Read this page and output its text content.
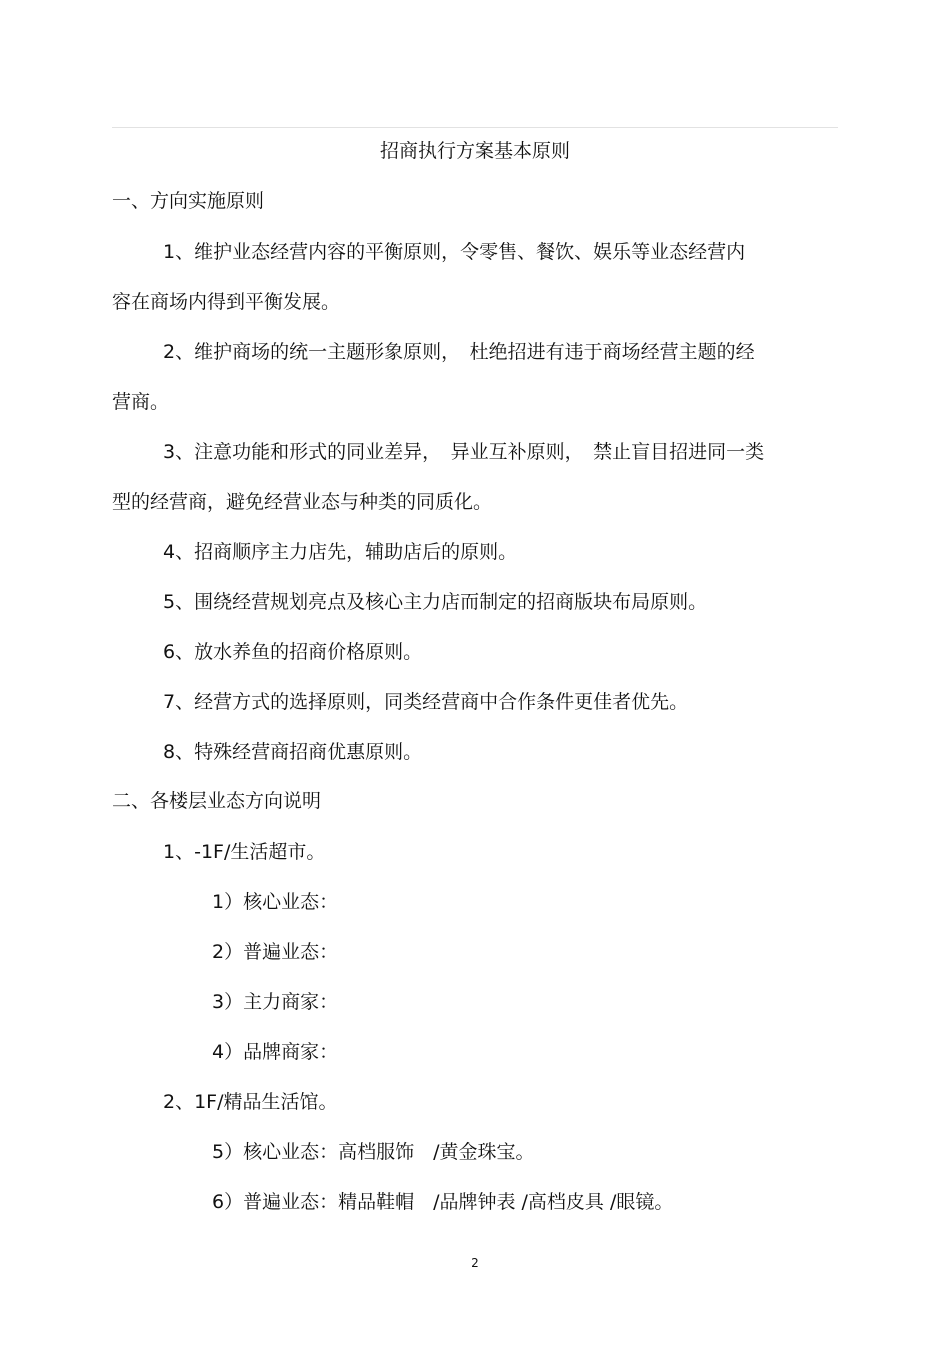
招商执行方案基本原则
一、方向实施原则
1、维护业态经营内容的平衡原则，令零售、餐饮、娱乐等业态经营内
容在商场内得到平衡发展。
2、维护商场的统一主题形象原则，　杜绝招进有违于商场经营主题的经
营商。
3、注意功能和形式的同业差异，　异业互补原则，　禁止盲目招进同一类
型的经营商，避免经营业态与种类的同质化。
4、招商顺序主力店先，辅助店后的原则。
5、围绕经营规划亮点及核心主力店而制定的招商版块布局原则。
6、放水养鱼的招商价格原则。
7、经营方式的选择原则，同类经营商中合作条件更佳者优先。
8、特殊经营商招商优惠原则。
二、各楼层业态方向说明
1、-1F/生活超市。
1）核心业态：
2）普遍业态：
3）主力商家：
4）品牌商家：
2、1F/精品生活馆。
5）核心业态：高档服饰　/黄金珠宝。
6）普遍业态：精品鞋帽　/品牌钟表 /高档皮具 /眼镜。
2
